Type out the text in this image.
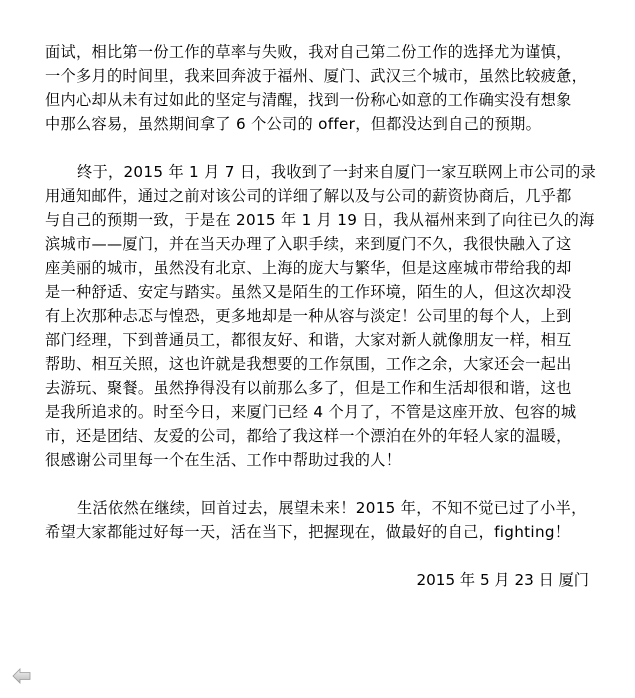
面试，相比第一份工作的草率与失败，我对自己第二份工作的选择尤为谨慎，
一个多月的时间里，我来回奔波于福州、厦门、武汉三个城市，虽然比较疲惫，
但内心却从未有过如此的坚定与清醒，找到一份称心如意的工作确实没有想象
中那么容易，虽然期间拿了 6 个公司的 offer，但都没达到自己的预期。

终于，2015 年 1 月 7 日，我收到了一封来自厦门一家互联网上市公司的录
用通知邮件，通过之前对该公司的详细了解以及与公司的薪资协商后，几乎都
与自己的预期一致，于是在 2015 年 1 月 19 日，我从福州来到了向往已久的海
滨城市——厦门，并在当天办理了入职手续，来到厦门不久，我很快融入了这
座美丽的城市，虽然没有北京、上海的庞大与繁华，但是这座城市带给我的却
是一种舒适、安定与踏实。虽然又是陌生的工作环境，陌生的人，但这次却没
有上次那种忐忑与惶恐，更多地却是一种从容与淡定！公司里的每个人，上到
部门经理，下到普通员工，都很友好、和谐，大家对新人就像朋友一样，相互
帮助、相互关照，这也许就是我想要的工作氛围，工作之余，大家还会一起出
去游玩、聚餐。虽然挣得没有以前那么多了，但是工作和生活却很和谐，这也
是我所追求的。时至今日，来厦门已经 4 个月了，不管是这座开放、包容的城
市，还是团结、友爱的公司，都给了我这样一个漂泊在外的年轻人家的温暖，
很感谢公司里每一个在生活、工作中帮助过我的人！

生活依然在继续，回首过去，展望未来！2015 年，不知不觉已过了小半，
希望大家都能过好每一天，活在当下，把握现在，做最好的自己，fighting！

2015 年 5 月 23 日 厦门
